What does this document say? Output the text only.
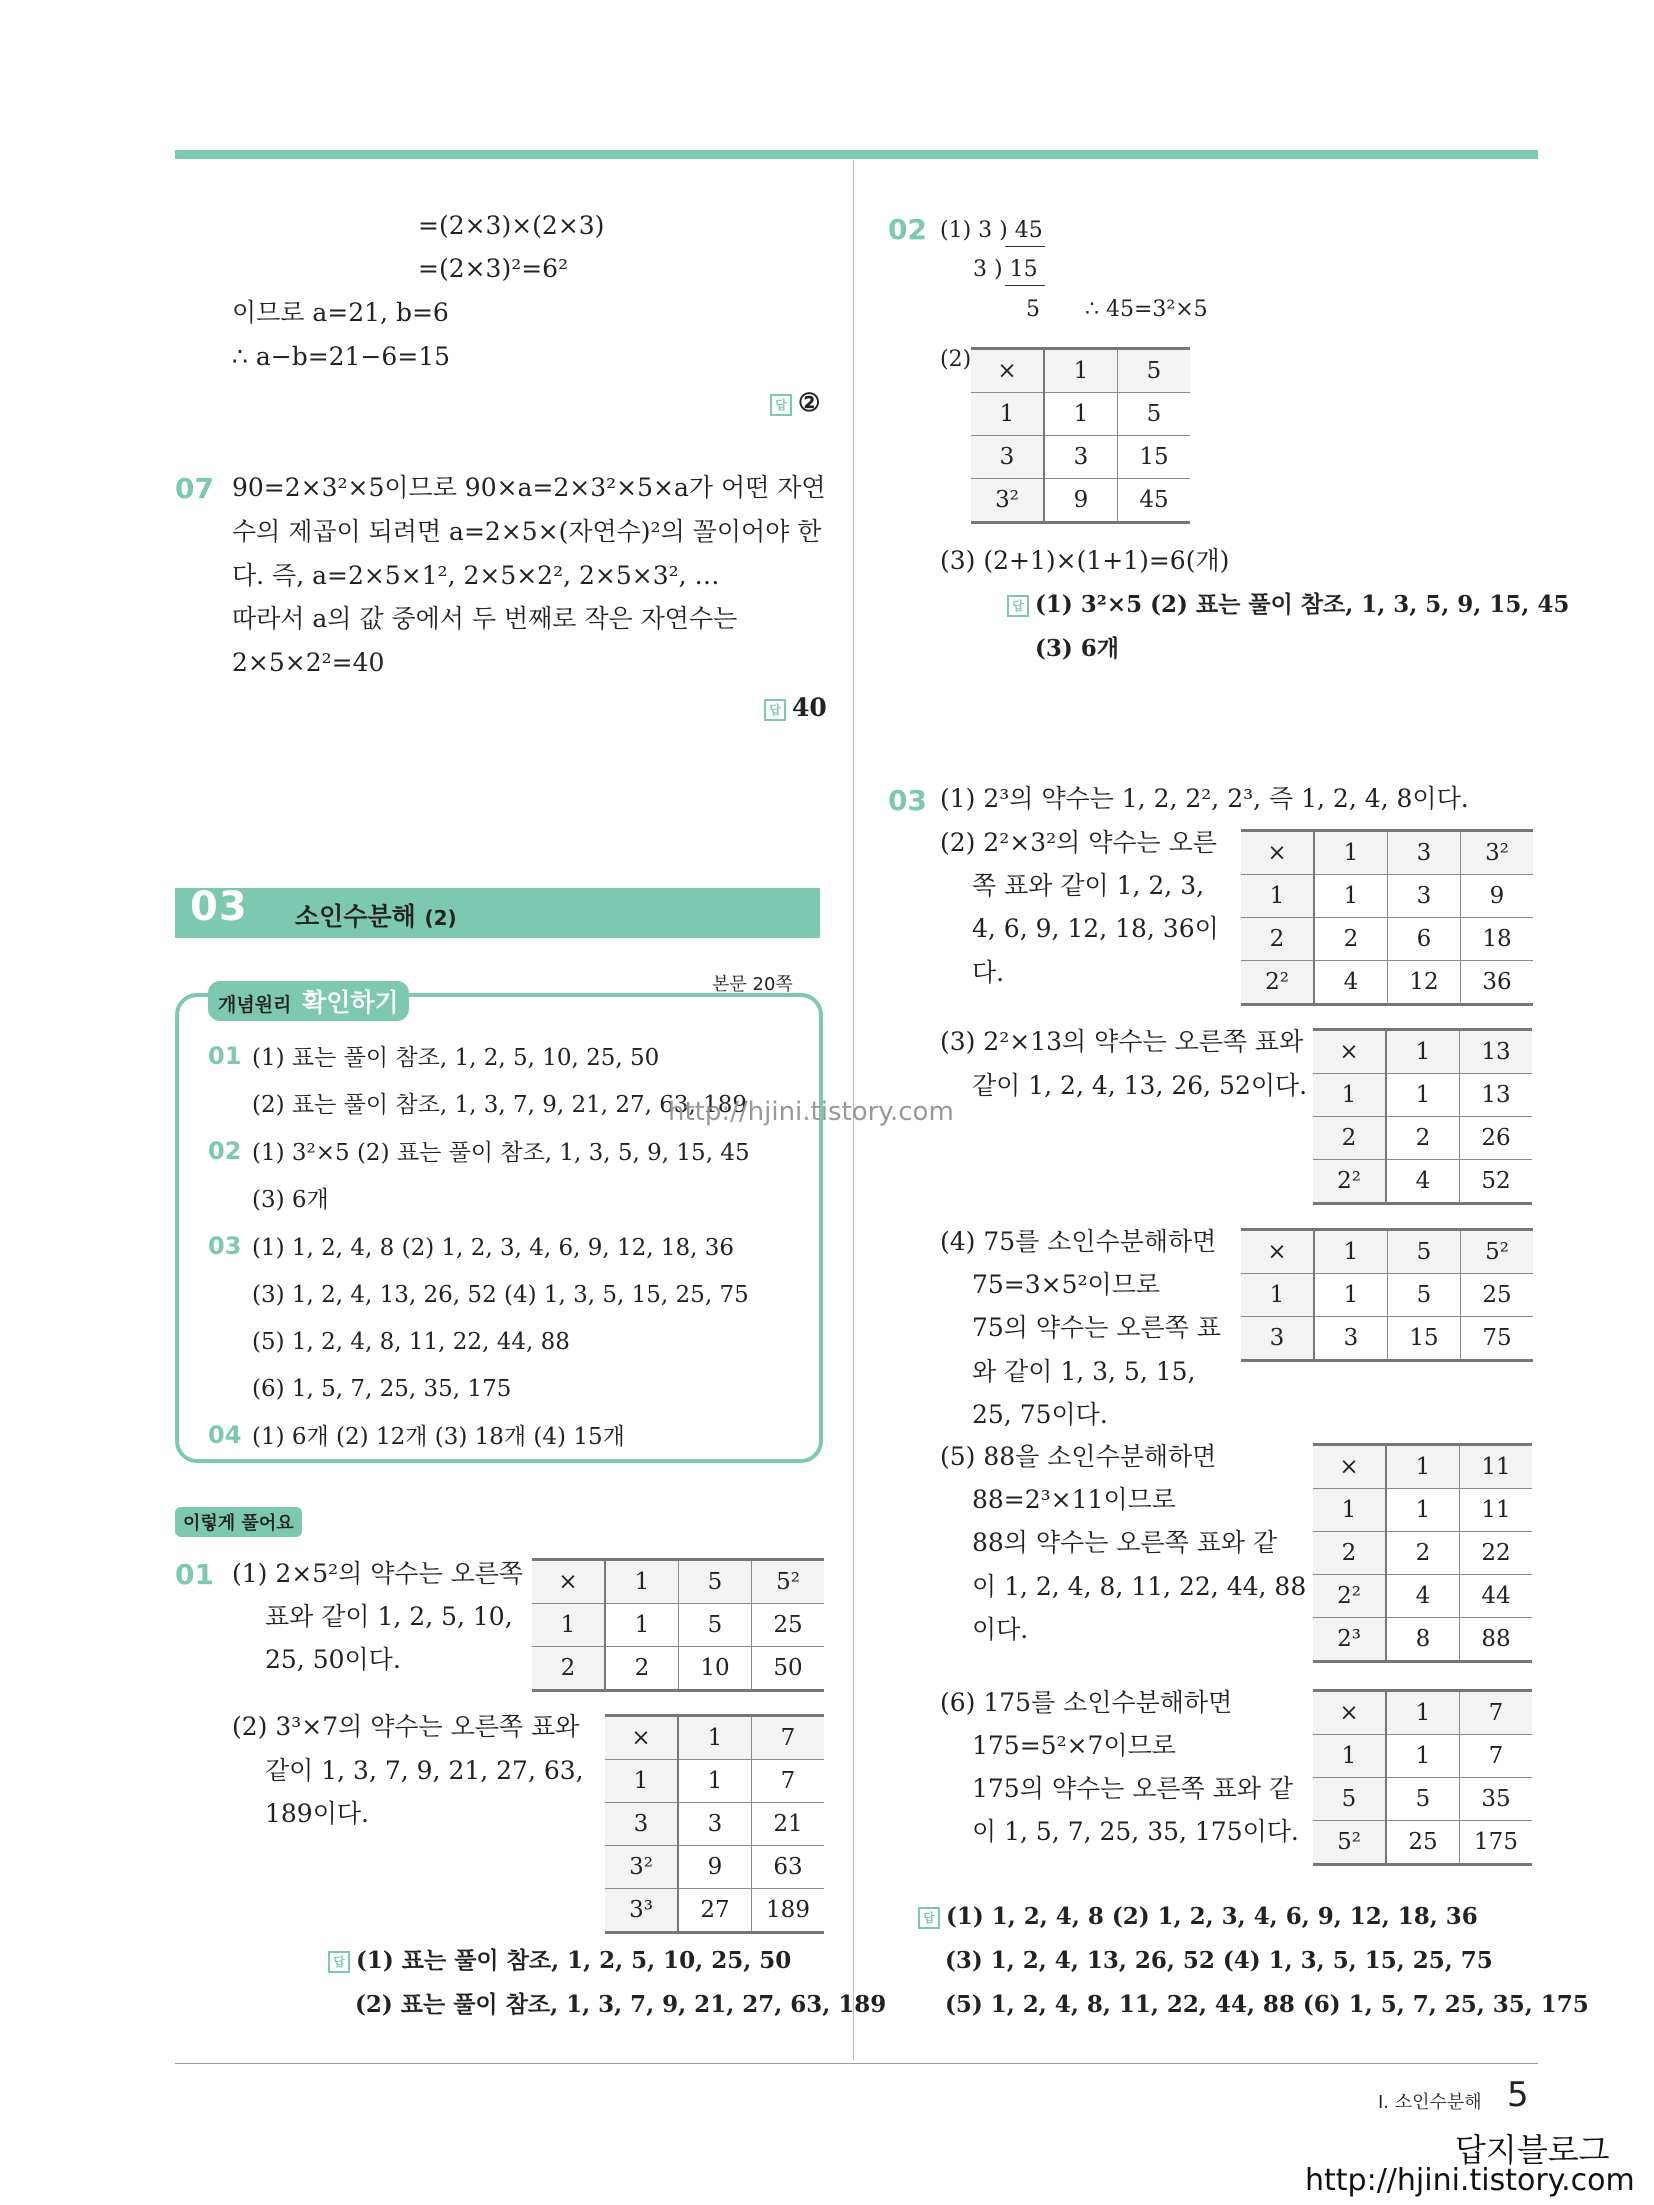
=(2×3)×(2×3)
=(2×3)²=6²
이므로 a=21, b=6
∴ a−b=21−6=15
답 ②
07 90=2×3²×5이므로 90×a=2×3²×5×a가 어떤 자연
수의 제곱이 되려면 a=2×5×(자연수)²의 꼴이어야 한
다. 즉, a=2×5×1², 2×5×2², 2×5×3², …
따라서 a의 값 중에서 두 번째로 작은 자연수는
2×5×2²=40
답 40
03 소인수분해 (2)
개념원리 확인하기
본문 20쪽
01 (1) 표는 풀이 참조, 1, 2, 5, 10, 25, 50
(2) 표는 풀이 참조, 1, 3, 7, 9, 21, 27, 63, 189
02 (1) 3²×5 (2) 표는 풀이 참조, 1, 3, 5, 9, 15, 45
(3) 6개
03 (1) 1, 2, 4, 8 (2) 1, 2, 3, 4, 6, 9, 12, 18, 36
(3) 1, 2, 4, 13, 26, 52 (4) 1, 3, 5, 15, 25, 75
(5) 1, 2, 4, 8, 11, 22, 44, 88
(6) 1, 5, 7, 25, 35, 175
04 (1) 6개 (2) 12개 (3) 18개 (4) 15개
http://hjini.tistory.com
이렇게 풀어요
01 (1) 2×5²의 약수는 오른쪽
표와 같이 1, 2, 5, 10,
25, 50이다.
×	1	5	5²
1	1	5	25
2	2	10	50
(2) 3³×7의 약수는 오른쪽 표와
같이 1, 3, 7, 9, 21, 27, 63,
189이다.
×	1	7
1	1	7
3	3	21
3²	9	63
3³	27	189
답 (1) 표는 풀이 참조, 1, 2, 5, 10, 25, 50
(2) 표는 풀이 참조, 1, 3, 7, 9, 21, 27, 63, 189
02 (1) 3 ) 45
3 ) 15
5 ∴ 45=3²×5
(2) ×	1	5
1	1	5
3	3	15
3²	9	45
(3) (2+1)×(1+1)=6(개)
답 (1) 3²×5 (2) 표는 풀이 참조, 1, 3, 5, 9, 15, 45
(3) 6개
03 (1) 2³의 약수는 1, 2, 2², 2³, 즉 1, 2, 4, 8이다.
(2) 2²×3²의 약수는 오른
쪽 표와 같이 1, 2, 3,
4, 6, 9, 12, 18, 36이
다.
×	1	3	3²
1	1	3	9
2	2	6	18
2²	4	12	36
(3) 2²×13의 약수는 오른쪽 표와
같이 1, 2, 4, 13, 26, 52이다.
×	1	13
1	1	13
2	2	26
2²	4	52
(4) 75를 소인수분해하면
75=3×5²이므로
75의 약수는 오른쪽 표
와 같이 1, 3, 5, 15,
25, 75이다.
×	1	5	5²
1	1	5	25
3	3	15	75
(5) 88을 소인수분해하면
88=2³×11이므로
88의 약수는 오른쪽 표와 같
이 1, 2, 4, 8, 11, 22, 44, 88
이다.
×	1	11
1	1	11
2	2	22
2²	4	44
2³	8	88
(6) 175를 소인수분해하면
175=5²×7이므로
175의 약수는 오른쪽 표와 같
이 1, 5, 7, 25, 35, 175이다.
×	1	7
1	1	7
5	5	35
5²	25	175
답 (1) 1, 2, 4, 8 (2) 1, 2, 3, 4, 6, 9, 12, 18, 36
(3) 1, 2, 4, 13, 26, 52 (4) 1, 3, 5, 15, 25, 75
(5) 1, 2, 4, 8, 11, 22, 44, 88 (6) 1, 5, 7, 25, 35, 175
Ⅰ. 소인수분해 5
답지블로그
http://hjini.tistory.com
